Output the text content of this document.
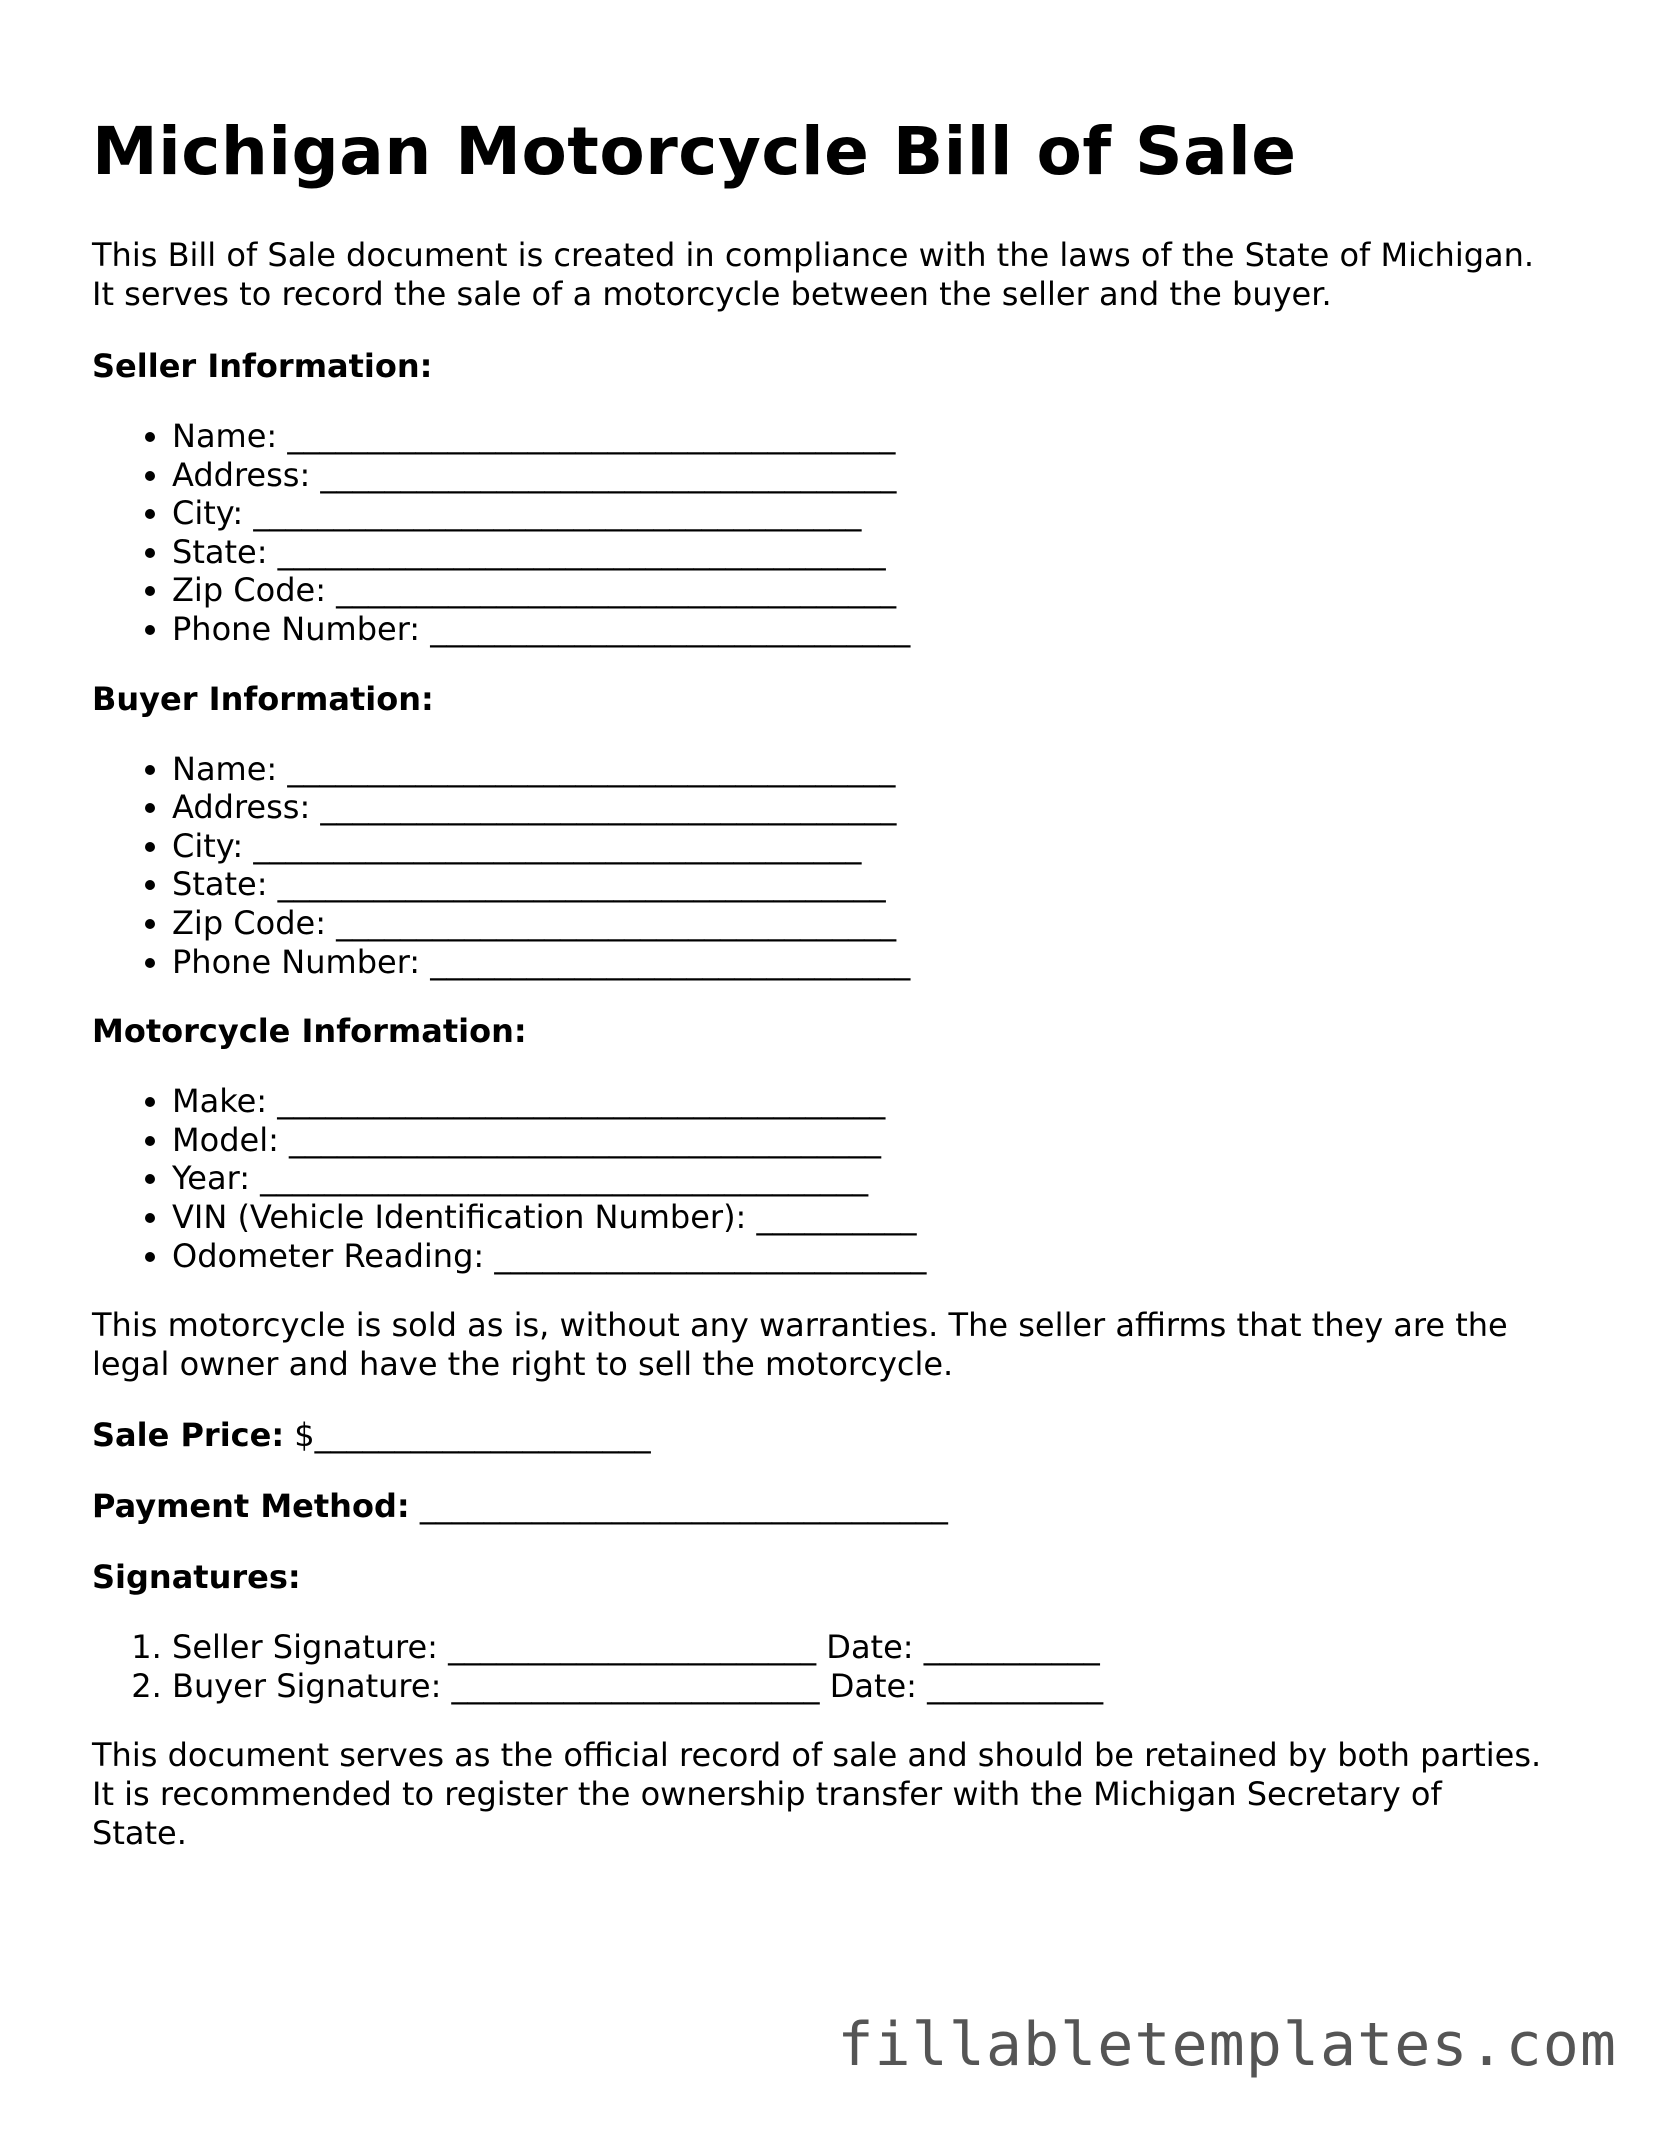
Michigan Motorcycle Bill of Sale

This Bill of Sale document is created in compliance with the laws of the State of Michigan.
It serves to record the sale of a motorcycle between the seller and the buyer.

Seller Information:
• Name: ______________________________________
• Address: ____________________________________
• City: ______________________________________
• State: ______________________________________
• Zip Code: ___________________________________
• Phone Number: ______________________________
Buyer Information:
• Name: ______________________________________
• Address: ____________________________________
• City: ______________________________________
• State: ______________________________________
• Zip Code: ___________________________________
• Phone Number: ______________________________
Motorcycle Information:
• Make: ______________________________________
• Model: _____________________________________
• Year: ______________________________________
• VIN (Vehicle Identification Number): __________
• Odometer Reading: ___________________________

This motorcycle is sold as is, without any warranties. The seller affirms that they are the
legal owner and have the right to sell the motorcycle.

Sale Price: $_____________________

Payment Method: _________________________________

Signatures:
1. Seller Signature: _______________________ Date: ___________
2. Buyer Signature: _______________________ Date: ___________

This document serves as the official record of sale and should be retained by both parties.
It is recommended to register the ownership transfer with the Michigan Secretary of
State.

fillabletemplates.com
